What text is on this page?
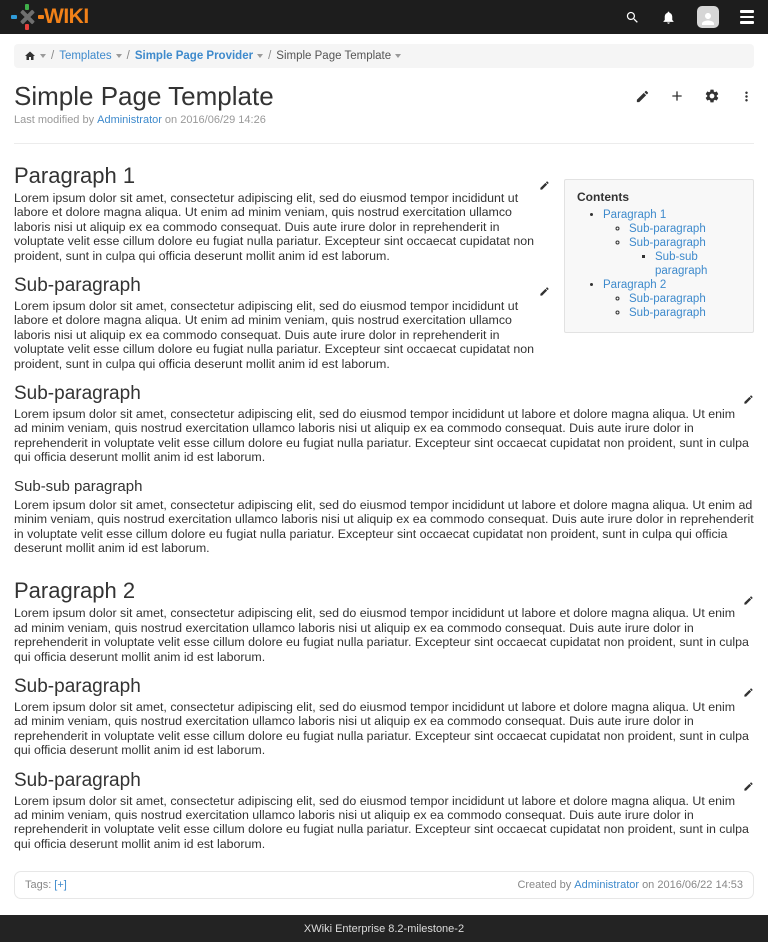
WIKI
/ Templates / Simple Page Provider / Simple Page Template
Simple Page Template
Last modified by Administrator on 2016/06/29 14:26
Contents
• Paragraph 1
◦ Sub-paragraph
◦ Sub-paragraph
▪ Sub-sub paragraph
• Paragraph 2
◦ Sub-paragraph
◦ Sub-paragraph
Paragraph 1

Lorem ipsum dolor sit amet, consectetur adipiscing elit, sed do eiusmod tempor incididunt ut labore et dolore magna aliqua. Ut enim ad minim veniam, quis nostrud exercitation ullamco laboris nisi ut aliquip ex ea commodo consequat. Duis aute irure dolor in reprehenderit in voluptate velit esse cillum dolore eu fugiat nulla pariatur. Excepteur sint occaecat cupidatat non proident, sunt in culpa qui officia deserunt mollit anim id est laborum.

Sub-paragraph

Lorem ipsum dolor sit amet, consectetur adipiscing elit, sed do eiusmod tempor incididunt ut labore et dolore magna aliqua. Ut enim ad minim veniam, quis nostrud exercitation ullamco laboris nisi ut aliquip ex ea commodo consequat. Duis aute irure dolor in reprehenderit in voluptate velit esse cillum dolore eu fugiat nulla pariatur. Excepteur sint occaecat cupidatat non proident, sunt in culpa qui officia deserunt mollit anim id est laborum.

Sub-paragraph

Lorem ipsum dolor sit amet, consectetur adipiscing elit, sed do eiusmod tempor incididunt ut labore et dolore magna aliqua. Ut enim ad minim veniam, quis nostrud exercitation ullamco laboris nisi ut aliquip ex ea commodo consequat. Duis aute irure dolor in reprehenderit in voluptate velit esse cillum dolore eu fugiat nulla pariatur. Excepteur sint occaecat cupidatat non proident, sunt in culpa qui officia deserunt mollit anim id est laborum.

Sub-sub paragraph

Lorem ipsum dolor sit amet, consectetur adipiscing elit, sed do eiusmod tempor incididunt ut labore et dolore magna aliqua. Ut enim ad minim veniam, quis nostrud exercitation ullamco laboris nisi ut aliquip ex ea commodo consequat. Duis aute irure dolor in reprehenderit in voluptate velit esse cillum dolore eu fugiat nulla pariatur. Excepteur sint occaecat cupidatat non proident, sunt in culpa qui officia deserunt mollit anim id est laborum.

Paragraph 2

Lorem ipsum dolor sit amet, consectetur adipiscing elit, sed do eiusmod tempor incididunt ut labore et dolore magna aliqua. Ut enim ad minim veniam, quis nostrud exercitation ullamco laboris nisi ut aliquip ex ea commodo consequat. Duis aute irure dolor in reprehenderit in voluptate velit esse cillum dolore eu fugiat nulla pariatur. Excepteur sint occaecat cupidatat non proident, sunt in culpa qui officia deserunt mollit anim id est laborum.

Sub-paragraph

Lorem ipsum dolor sit amet, consectetur adipiscing elit, sed do eiusmod tempor incididunt ut labore et dolore magna aliqua. Ut enim ad minim veniam, quis nostrud exercitation ullamco laboris nisi ut aliquip ex ea commodo consequat. Duis aute irure dolor in reprehenderit in voluptate velit esse cillum dolore eu fugiat nulla pariatur. Excepteur sint occaecat cupidatat non proident, sunt in culpa qui officia deserunt mollit anim id est laborum.

Sub-paragraph

Lorem ipsum dolor sit amet, consectetur adipiscing elit, sed do eiusmod tempor incididunt ut labore et dolore magna aliqua. Ut enim ad minim veniam, quis nostrud exercitation ullamco laboris nisi ut aliquip ex ea commodo consequat. Duis aute irure dolor in reprehenderit in voluptate velit esse cillum dolore eu fugiat nulla pariatur. Excepteur sint occaecat cupidatat non proident, sunt in culpa qui officia deserunt mollit anim id est laborum.

Tags: [+]	Created by Administrator on 2016/06/22 14:53
XWiki Enterprise 8.2-milestone-2
